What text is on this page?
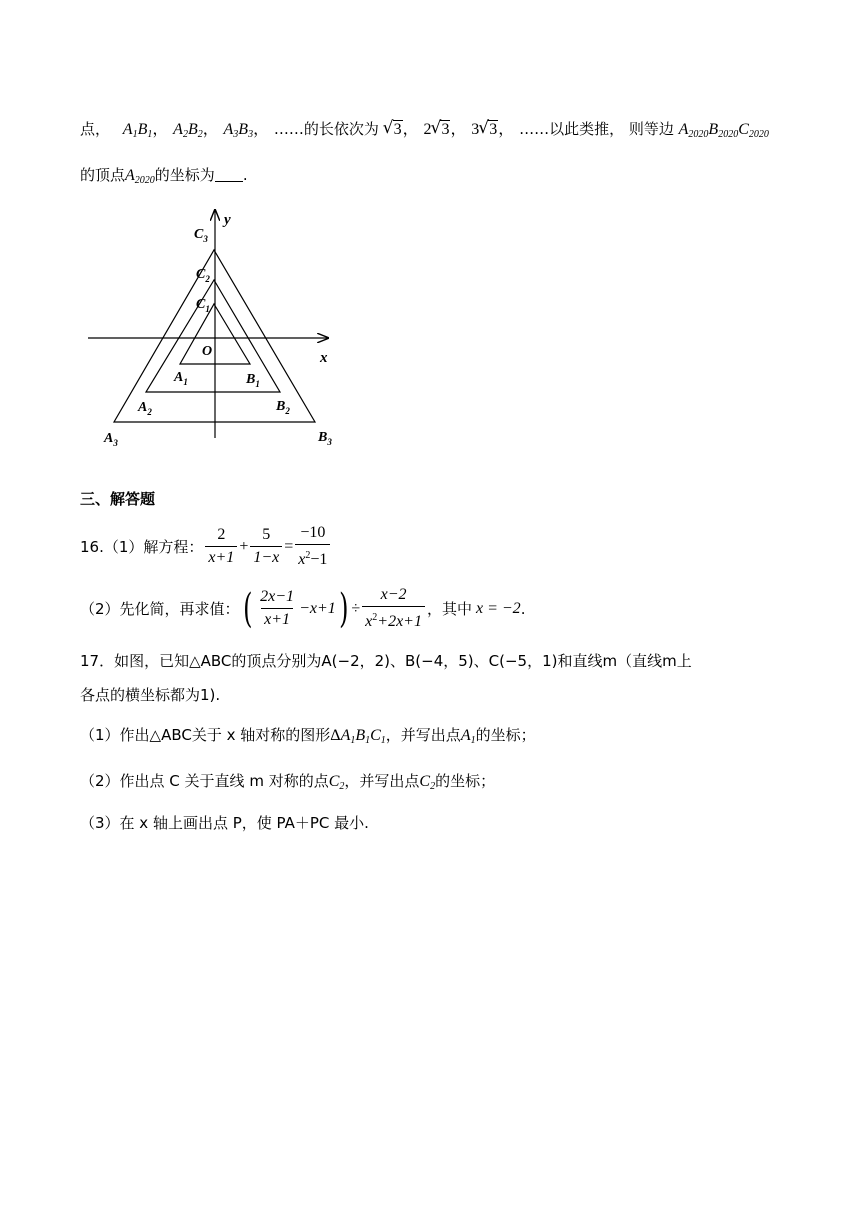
点， $A_1B_1$， $A_2B_2$， $A_3B_3$， ……的长依次为 √ 3， 2 √ 3， 3 √ 3， ……以此类推， 则等边 $A_{2020}B_{2020}C_{2020}$
的顶点$A_{2020}$的坐标为 .
y
x
O
$C_3$
$C_2$
$C_1$
$A_1$	$B_1$
$A_2$	$B_2$
$A_3$	$B_3$
三、解答题
16.（1）解方程： $\frac{2}{x+1} + \frac{5}{1-x} = \frac{-10}{x^2-1}$
（2）先化简，再求值： ( $\frac{2x-1}{x+1} -x+1$ ) ÷ $\frac{x-2}{x^2+2x+1}$ ，其中 x = −2 .
17．如图，已知△ABC的顶点分别为A(−2，2)、B(−4，5)、C(−5，1)和直线m（直线m上
各点的横坐标都为1).
（1）作出△ABC关于 x 轴对称的图形$\Delta A_1B_1C_1$，并写出点$A_1$的坐标；
（2）作出点 C 关于直线 m 对称的点$C_2$，并写出点$C_2$的坐标；
（3）在 x 轴上画出点 P，使 PA＋PC 最小.
